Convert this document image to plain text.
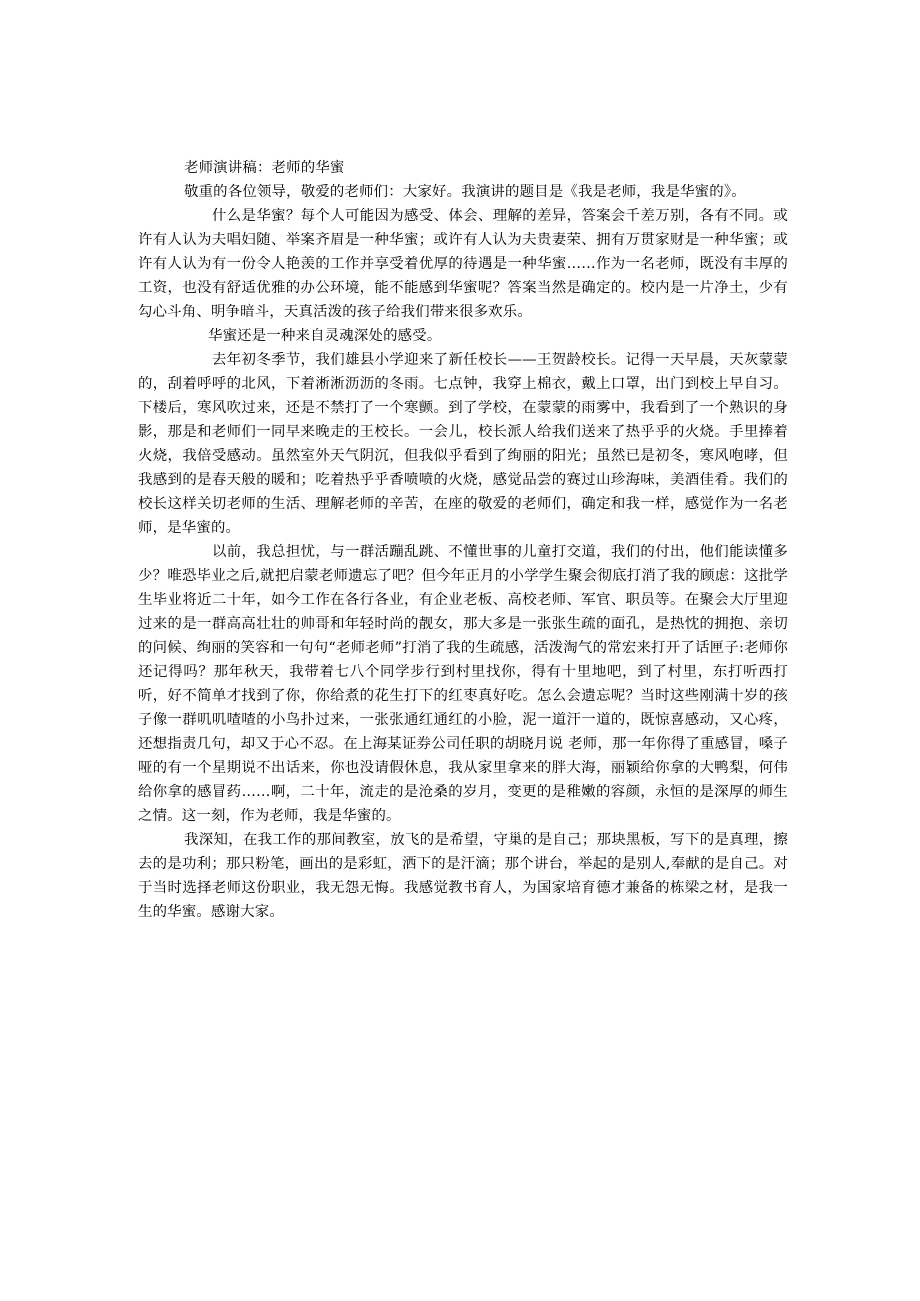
老师演讲稿：老师的华蜜

敬重的各位领导，敬爱的老师们：大家好。我演讲的题目是《我是老师，我是华蜜的》。

什么是华蜜？每个人可能因为感受、体会、理解的差异，答案会千差万别，各有不同。或许有人认为夫唱妇随、举案齐眉是一种华蜜；或许有人认为夫贵妻荣、拥有万贯家财是一种华蜜；或许有人认为有一份令人艳羡的工作并享受着优厚的待遇是一种华蜜……作为一名老师，既没有丰厚的工资，也没有舒适优雅的办公环境，能不能感到华蜜呢？答案当然是确定的。校内是一片净土，少有勾心斗角、明争暗斗，天真活泼的孩子给我们带来很多欢乐。

华蜜还是一种来自灵魂深处的感受。

去年初冬季节，我们雄县小学迎来了新任校长——王贺龄校长。记得一天早晨，天灰蒙蒙的，刮着呼呼的北风，下着淅淅沥沥的冬雨。七点钟，我穿上棉衣，戴上口罩，出门到校上早自习。下楼后，寒风吹过来，还是不禁打了一个寒颤。到了学校，在蒙蒙的雨雾中，我看到了一个熟识的身影，那是和老师们一同早来晚走的王校长。一会儿，校长派人给我们送来了热乎乎的火烧。手里捧着火烧，我倍受感动。虽然室外天气阴沉，但我似乎看到了绚丽的阳光；虽然已是初冬，寒风咆哮，但我感到的是春天般的暖和；吃着热乎乎香喷喷的火烧，感觉品尝的赛过山珍海味，美酒佳肴。我们的校长这样关切老师的生活、理解老师的辛苦，在座的敬爱的老师们，确定和我一样，感觉作为一名老师，是华蜜的。

以前，我总担忧，与一群活蹦乱跳、不懂世事的儿童打交道，我们的付出，他们能读懂多少？唯恐毕业之后,就把启蒙老师遗忘了吧？但今年正月的小学学生聚会彻底打消了我的顾虑：这批学生毕业将近二十年，如今工作在各行各业，有企业老板、高校老师、军官、职员等。在聚会大厅里迎过来的是一群高高壮壮的帅哥和年轻时尚的靓女，那大多是一张张生疏的面孔，是热忱的拥抱、亲切的问候、绚丽的笑容和一句句“老师老师”打消了我的生疏感，活泼淘气的常宏来打开了话匣子:老师你还记得吗？那年秋天，我带着七八个同学步行到村里找你，得有十里地吧，到了村里，东打听西打听，好不简单才找到了你，你给煮的花生打下的红枣真好吃。怎么会遗忘呢？当时这些刚满十岁的孩子像一群叽叽喳喳的小鸟扑过来，一张张通红通红的小脸，泥一道汗一道的，既惊喜感动，又心疼，还想指责几句，却又于心不忍。在上海某证券公司任职的胡晓月说 老师，那一年你得了重感冒，嗓子哑的有一个星期说不出话来，你也没请假休息，我从家里拿来的胖大海，丽颖给你拿的大鸭梨，何伟给你拿的感冒药……啊，二十年，流走的是沧桑的岁月，变更的是稚嫩的容颜，永恒的是深厚的师生之情。这一刻，作为老师，我是华蜜的。

我深知，在我工作的那间教室，放飞的是希望，守巢的是自己；那块黑板，写下的是真理，擦去的是功利；那只粉笔，画出的是彩虹，洒下的是汗滴；那个讲台，举起的是别人,奉献的是自己。对于当时选择老师这份职业，我无怨无悔。我感觉教书育人，为国家培育德才兼备的栋梁之材，是我一生的华蜜。感谢大家。
